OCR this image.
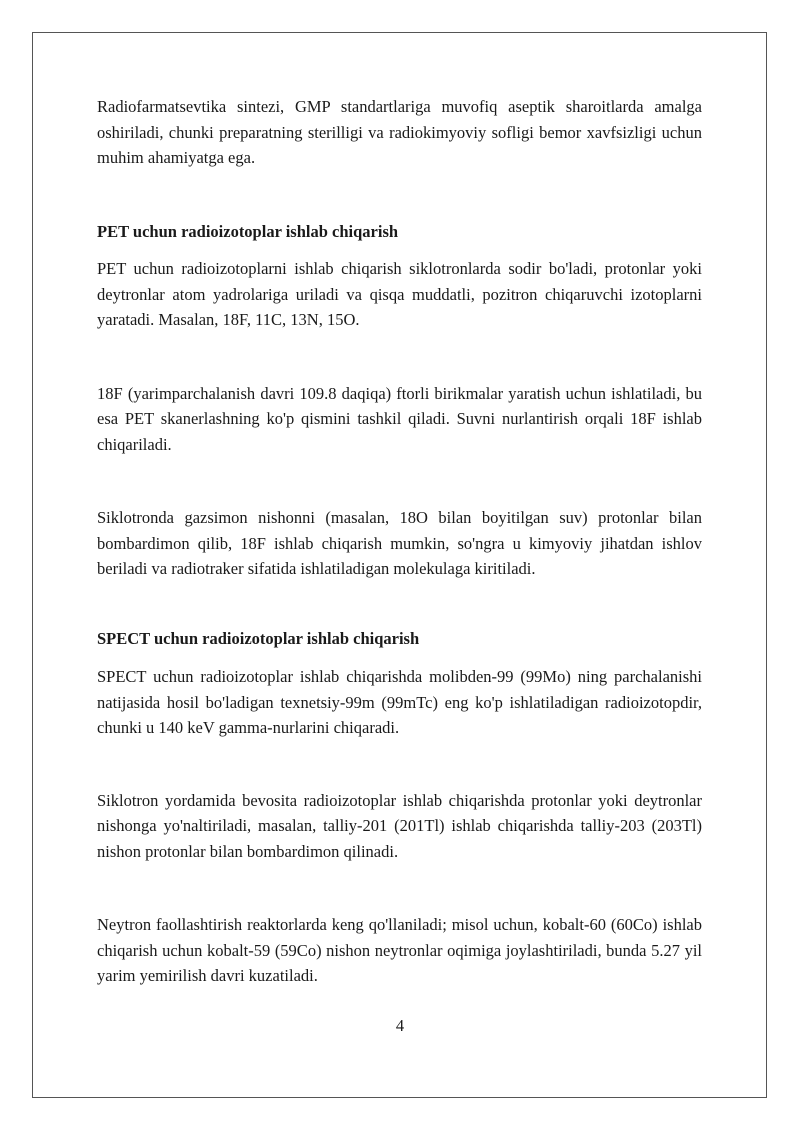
Radiofarmatsevtika sintezi, GMP standartlariga muvofiq aseptik sharoitlarda amalga oshiriladi, chunki preparatning sterilligi va radiokimyoviy sofligi bemor xavfsizligi uchun muhim ahamiyatga ega.

PET uchun radioizotoplar ishlab chiqarish

PET uchun radioizotoplarni ishlab chiqarish siklotronlarda sodir bo'ladi, protonlar yoki deytronlar atom yadrolariga uriladi va qisqa muddatli, pozitron chiqaruvchi izotoplarni yaratadi. Masalan, 18F, 11C, 13N, 15O.

18F (yarimparchalanish davri 109.8 daqiqa) ftorli birikmalar yaratish uchun ishlatiladi, bu esa PET skanerlashning ko'p qismini tashkil qiladi. Suvni nurlantirish orqali 18F ishlab chiqariladi.

Siklotronda gazsimon nishonni (masalan, 18O bilan boyitilgan suv) protonlar bilan bombardimon qilib, 18F ishlab chiqarish mumkin, so'ngra u kimyoviy jihatdan ishlov beriladi va radiotraker sifatida ishlatiladigan molekulaga kiritiladi.

SPECT uchun radioizotoplar ishlab chiqarish

SPECT uchun radioizotoplar ishlab chiqarishda molibden-99 (99Mo) ning parchalanishi natijasida hosil bo'ladigan texnetsiy-99m (99mTc) eng ko'p ishlatiladigan radioizotopdir, chunki u 140 keV gamma-nurlarini chiqaradi.

Siklotron yordamida bevosita radioizotoplar ishlab chiqarishda protonlar yoki deytronlar nishonga yo'naltiriladi, masalan, talliy-201 (201Tl) ishlab chiqarishda talliy-203 (203Tl) nishon protonlar bilan bombardimon qilinadi.

Neytron faollashtirish reaktorlarda keng qo'llaniladi; misol uchun, kobalt-60 (60Co) ishlab chiqarish uchun kobalt-59 (59Co) nishon neytronlar oqimiga joylashtiriladi, bunda 5.27 yil yarim yemirilish davri kuzatiladi.

4
